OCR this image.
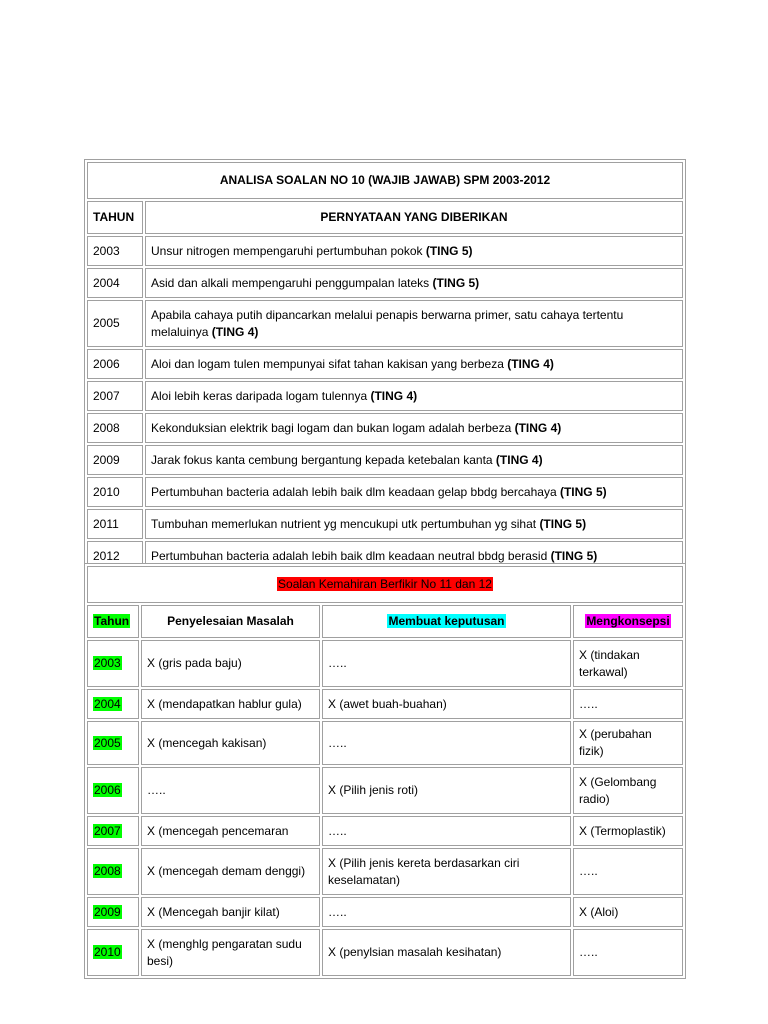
ANALISA SOALAN NO 10 (WAJIB JAWAB) SPM 2003-2012	
TAHUN	PERNYATAAN YANG DIBERIKAN
2003	Unsur nitrogen mempengaruhi pertumbuhan pokok (TING 5)
2004	Asid dan alkali mempengaruhi penggumpalan lateks (TING 5)
2005	Apabila cahaya putih dipancarkan melalui penapis berwarna primer, satu cahaya tertentu melaluinya (TING 4)
2006	Aloi dan logam tulen mempunyai sifat tahan kakisan yang berbeza (TING 4)
2007	Aloi lebih keras daripada logam tulennya (TING 4)
2008	Kekonduksian elektrik bagi logam dan bukan logam adalah berbeza (TING 4)
2009	Jarak fokus kanta cembung bergantung kepada ketebalan kanta (TING 4)
2010	Pertumbuhan bacteria adalah lebih baik dlm keadaan gelap bbdg bercahaya (TING 5)
2011	Tumbuhan memerlukan nutrient yg mencukupi utk pertumbuhan yg sihat (TING 5)
2012	Pertumbuhan bacteria adalah lebih baik dlm keadaan neutral bbdg berasid (TING 5)
Soalan Kemahiran Berfikir No 11 dan 12			
Tahun	Penyelesaian Masalah	Membuat keputusan	Mengkonsepsi
2003	X (gris pada baju)	…..	X (tindakan terkawal)
2004	X (mendapatkan hablur gula)	X (awet buah-buahan)	…..
2005	X (mencegah kakisan)	…..	X (perubahan fizik)
2006	…..	X (Pilih jenis roti)	X (Gelombang radio)
2007	X (mencegah pencemaran	…..	X (Termoplastik)
2008	X (mencegah demam denggi)	X (Pilih jenis kereta berdasarkan ciri keselamatan)	…..
2009	X (Mencegah banjir kilat)	…..	X (Aloi)
2010	X (menghlg pengaratan sudu besi)	X (penylsian masalah kesihatan)	…..
